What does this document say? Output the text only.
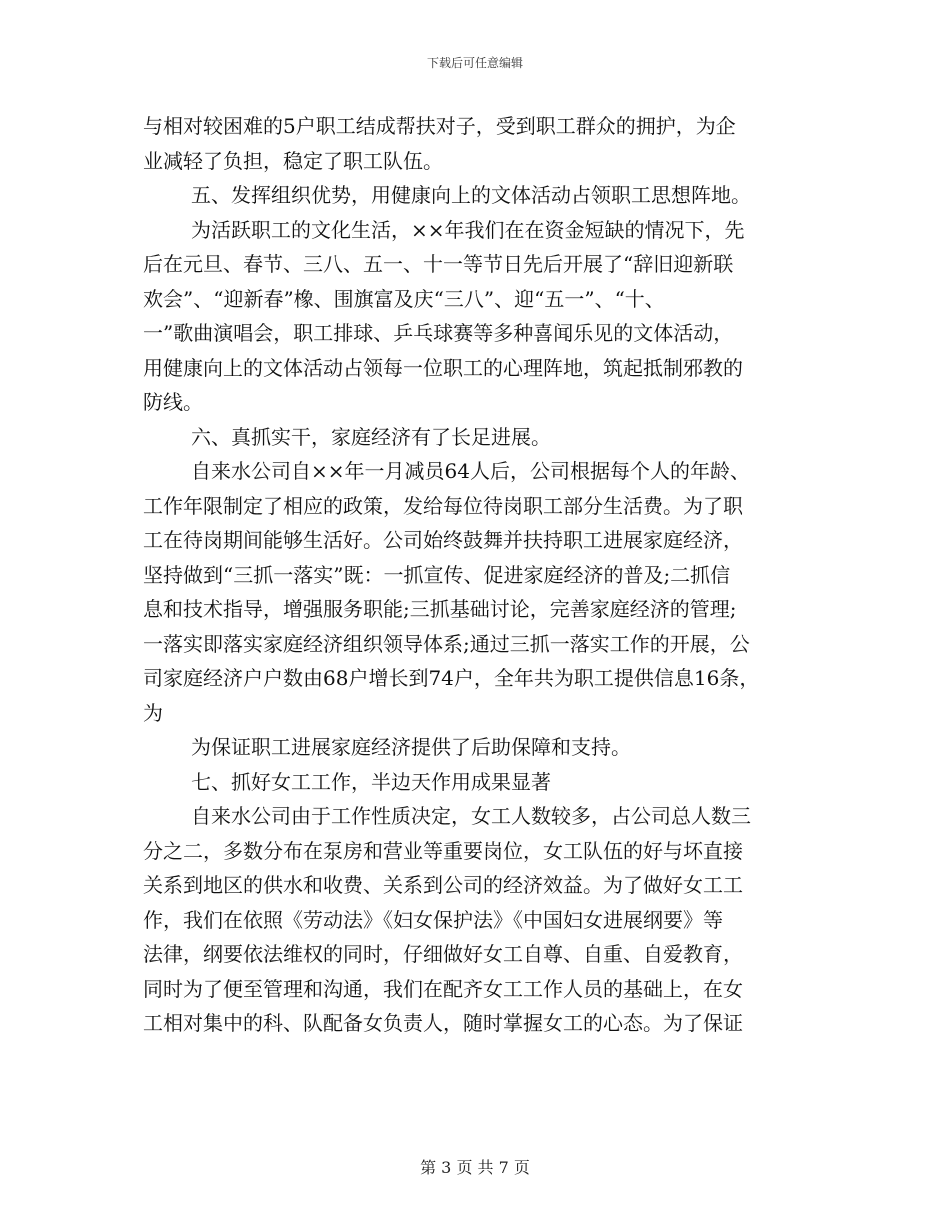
下载后可任意编辑
与相对较困难的5户职工结成帮扶对子，受到职工群众的拥护，为企
业减轻了负担，稳定了职工队伍。
五、发挥组织优势，用健康向上的文体活动占领职工思想阵地。
为活跃职工的文化生活，××年我们在在资金短缺的情况下，先
后在元旦、春节、三八、五一、十一等节日先后开展了“辞旧迎新联
欢会”、“迎新春”橡、围旗富及庆“三八”、迎“五一”、“十、
一”歌曲演唱会，职工排球、乒乓球赛等多种喜闻乐见的文体活动，
用健康向上的文体活动占领每一位职工的心理阵地，筑起抵制邪教的
防线。
六、真抓实干，家庭经济有了长足进展。
自来水公司自××年一月减员64人后，公司根据每个人的年龄、
工作年限制定了相应的政策，发给每位待岗职工部分生活费。为了职
工在待岗期间能够生活好。公司始终鼓舞并扶持职工进展家庭经济，
坚持做到“三抓一落实”既：一抓宣传、促进家庭经济的普及;二抓信
息和技术指导，增强服务职能;三抓基础讨论，完善家庭经济的管理;
一落实即落实家庭经济组织领导体系;通过三抓一落实工作的开展，公
司家庭经济户户数由68户增长到74户，全年共为职工提供信息16条，
为
为保证职工进展家庭经济提供了后助保障和支持。
七、抓好女工工作，半边天作用成果显著
自来水公司由于工作性质决定，女工人数较多，占公司总人数三
分之二，多数分布在泵房和营业等重要岗位，女工队伍的好与坏直接
关系到地区的供水和收费、关系到公司的经济效益。为了做好女工工
作，我们在依照《劳动法》《妇女保护法》《中国妇女进展纲要》等
法律，纲要依法维权的同时，仔细做好女工自尊、自重、自爱教育，
同时为了便至管理和沟通，我们在配齐女工工作人员的基础上，在女
工相对集中的科、队配备女负责人，随时掌握女工的心态。为了保证
第 3 页 共 7 页
